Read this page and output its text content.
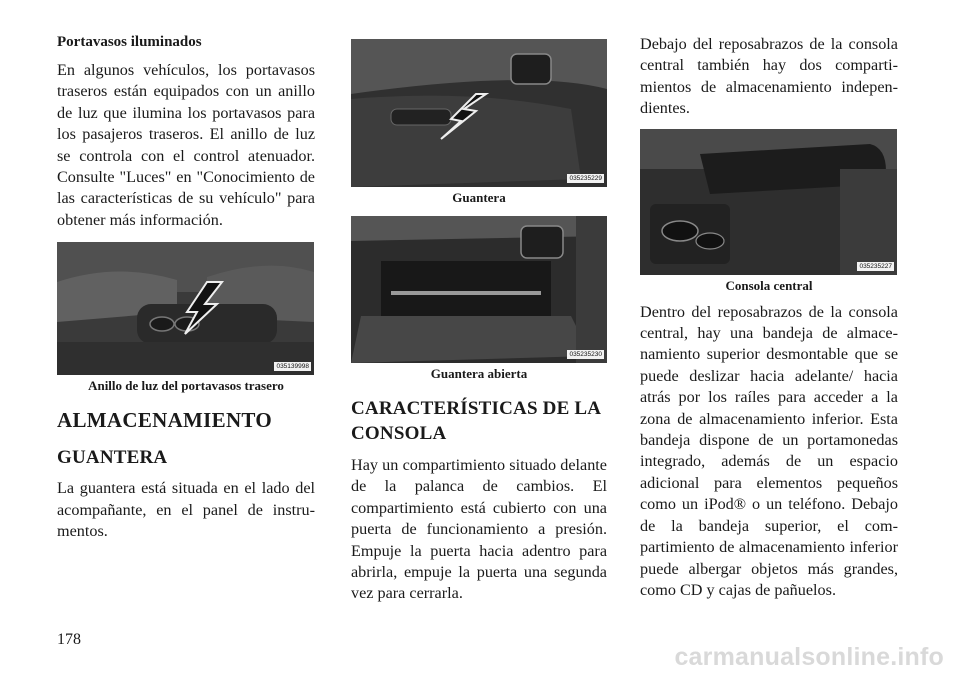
Portavasos iluminados

En algunos vehículos, los portavasos traseros están equipados con un anillo de luz que ilumina los portavasos para los pasajeros traseros. El anillo de luz se controla con el control atenuador. Consulte "Luces" en "Conocimiento de las características de su vehículo" para obtener más información.

035139998
Anillo de luz del portavasos trasero
ALMACENAMIENTO
GUANTERA

La guantera está situada en el lado del acompañante, en el panel de instrumentos.

035235229
Guantera
035235230
Guantera abierta
CARACTERÍSTICAS DE LA CONSOLA

Hay un compartimiento situado delante de la palanca de cambios. El compartimiento está cubierto con una puerta de funcionamiento a presión. Empuje la puerta hacia adentro para abrirla, empuje la puerta una segunda vez para cerrarla.

Debajo del reposabrazos de la consola central también hay dos compartimientos de almacenamiento independientes.

035235227
Consola central

Dentro del reposabrazos de la consola central, hay una bandeja de almacenamiento superior desmontable que se puede deslizar hacia adelante/ hacia atrás por los raíles para acceder a la zona de almacenamiento inferior. Esta bandeja dispone de un portamonedas integrado, además de un espacio adicional para elementos pequeños como un iPod® o un teléfono. Debajo de la bandeja superior, el compartimiento de almacenamiento inferior puede albergar objetos más grandes, como CD y cajas de pañuelos.

178
carmanualsonline.info
